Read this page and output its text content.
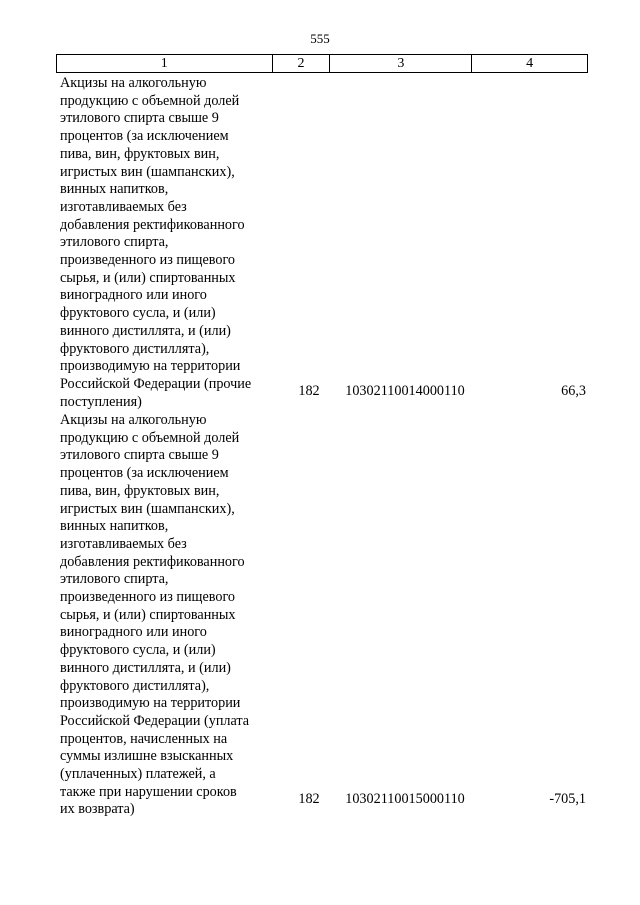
555
1	2	3	4
Акцизы на алкогольную
продукцию с объемной долей
этилового спирта свыше 9
процентов (за исключением
пива, вин, фруктовых вин,
игристых вин (шампанских),
винных напитков,
изготавливаемых без
добавления ректификованного
этилового спирта,
произведенного из пищевого
сырья, и (или) спиртованных
виноградного или иного
фруктового сусла, и (или)
винного дистиллята, и (или)
фруктового дистиллята),
производимую на территории
Российской Федерации (прочие
поступления)
182	10302110014000110	66,3
Акцизы на алкогольную
продукцию с объемной долей
этилового спирта свыше 9
процентов (за исключением
пива, вин, фруктовых вин,
игристых вин (шампанских),
винных напитков,
изготавливаемых без
добавления ректификованного
этилового спирта,
произведенного из пищевого
сырья, и (или) спиртованных
виноградного или иного
фруктового сусла, и (или)
винного дистиллята, и (или)
фруктового дистиллята),
производимую на территории
Российской Федерации (уплата
процентов, начисленных на
суммы излишне взысканных
(уплаченных) платежей, а
также при нарушении сроков
их возврата)
182	10302110015000110	-705,1
